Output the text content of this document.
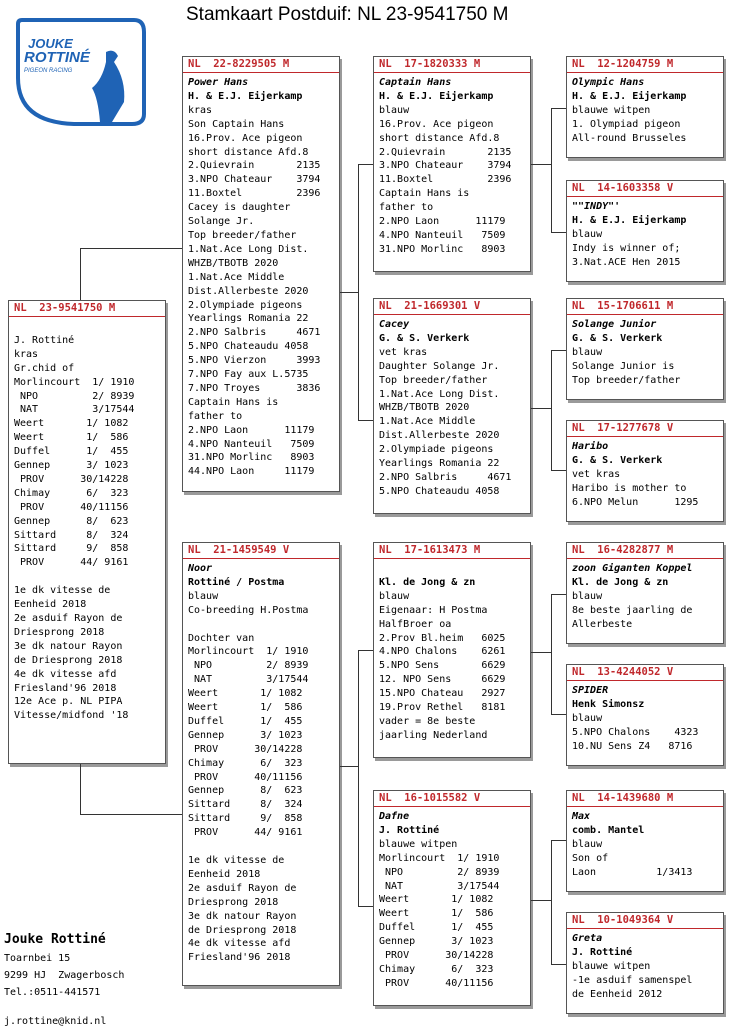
Stamkaart Postduif: NL 23-9541750 M
JOUKE
ROTTINÉ
PIGEON RACING
NL  23-9541750 M
J. Rottiné
kras
Gr.chid of
Morlincourt  1/ 1910
NPO         2/ 8939
NAT         3/17544
Weert       1/ 1082
Weert       1/  586
Duffel      1/  455
Gennep      3/ 1023
PROV      30/14228
Chimay      6/  323
PROV      40/11156
Gennep      8/  623
Sittard     8/  324
Sittard     9/  858
PROV      44/ 9161
1e dk vitesse de
Eenheid 2018
2e asduif Rayon de
Driesprong 2018
3e dk natour Rayon
de Driesprong 2018
4e dk vitesse afd
Friesland'96 2018
12e Ace p. NL PIPA
Vitesse/midfond '18
NL  22-8229505 M
Power Hans
H. & E.J. Eijerkamp
kras
Son Captain Hans
16.Prov. Ace pigeon
short distance Afd.8
2.Quievrain       2135
3.NPO Chateaur    3794
11.Boxtel         2396
Cacey is daughter
Solange Jr.
Top breeder/father
1.Nat.Ace Long Dist.
WHZB/TBOTB 2020
1.Nat.Ace Middle
Dist.Allerbeste 2020
2.Olympiade pigeons
Yearlings Romania 22
2.NPO Salbris     4671
5.NPO Chateaudu 4058
5.NPO Vierzon     3993
7.NPO Fay aux L.5735
7.NPO Troyes      3836
Captain Hans is
father to
2.NPO Laon      11179
4.NPO Nanteuil   7509
31.NPO Morlinc   8903
44.NPO Laon     11179
NL  21-1459549 V
Noor
Rottiné / Postma
blauw
Co-breeding H.Postma
Dochter van
Morlincourt  1/ 1910
NPO         2/ 8939
NAT         3/17544
Weert       1/ 1082
Weert       1/  586
Duffel      1/  455
Gennep      3/ 1023
PROV      30/14228
Chimay      6/  323
PROV      40/11156
Gennep      8/  623
Sittard     8/  324
Sittard     9/  858
PROV      44/ 9161
1e dk vitesse de
Eenheid 2018
2e asduif Rayon de
Driesprong 2018
3e dk natour Rayon
de Driesprong 2018
4e dk vitesse afd
Friesland'96 2018
NL  17-1820333 M
Captain Hans
H. & E.J. Eijerkamp
blauw
16.Prov. Ace pigeon
short distance Afd.8
2.Quievrain       2135
3.NPO Chateaur    3794
11.Boxtel         2396
Captain Hans is
father to
2.NPO Laon      11179
4.NPO Nanteuil   7509
31.NPO Morlinc   8903
NL  21-1669301 V
Cacey
G. & S. Verkerk
vet kras
Daughter Solange Jr.
Top breeder/father
1.Nat.Ace Long Dist.
WHZB/TBOTB 2020
1.Nat.Ace Middle
Dist.Allerbeste 2020
2.Olympiade pigeons
Yearlings Romania 22
2.NPO Salbris     4671
5.NPO Chateaudu 4058
NL  17-1613473 M
Kl. de Jong & zn
blauw
Eigenaar: H Postma
HalfBroer oa
2.Prov Bl.heim   6025
4.NPO Chalons    6261
5.NPO Sens       6629
12. NPO Sens     6629
15.NPO Chateau   2927
19.Prov Rethel   8181
vader = 8e beste
jaarling Nederland
NL  16-1015582 V
Dafne
J. Rottiné
blauwe witpen
Morlincourt  1/ 1910
NPO         2/ 8939
NAT         3/17544
Weert       1/ 1082
Weert       1/  586
Duffel      1/  455
Gennep      3/ 1023
PROV      30/14228
Chimay      6/  323
PROV      40/11156
NL  12-1204759 M
Olympic Hans
H. & E.J. Eijerkamp
blauwe witpen
1. Olympiad pigeon
All-round Brusseles
NL  14-1603358 V
""INDY"'
H. & E.J. Eijerkamp
blauw
Indy is winner of;
3.Nat.ACE Hen 2015
NL  15-1706611 M
Solange Junior
G. & S. Verkerk
blauw
Solange Junior is
Top breeder/father
NL  17-1277678 V
Haribo
G. & S. Verkerk
vet kras
Haribo is mother to
6.NPO Melun      1295
NL  16-4282877 M
zoon Giganten Koppel
Kl. de Jong & zn
blauw
8e beste jaarling de
Allerbeste
NL  13-4244052 V
SPIDER
Henk Simonsz
blauw
5.NPO Chalons    4323
10.NU Sens Z4   8716
NL  14-1439680 M
Max
comb. Mantel
blauw
Son of
Laon          1/3413
NL  10-1049364 V
Greta
J. Rottiné
blauwe witpen
-1e asduif samenspel
de Eenheid 2012
Jouke Rottiné
Toarnbei 15
9299 HJ  Zwagerbosch
Tel.:0511-441571
j.rottine@knid.nl
